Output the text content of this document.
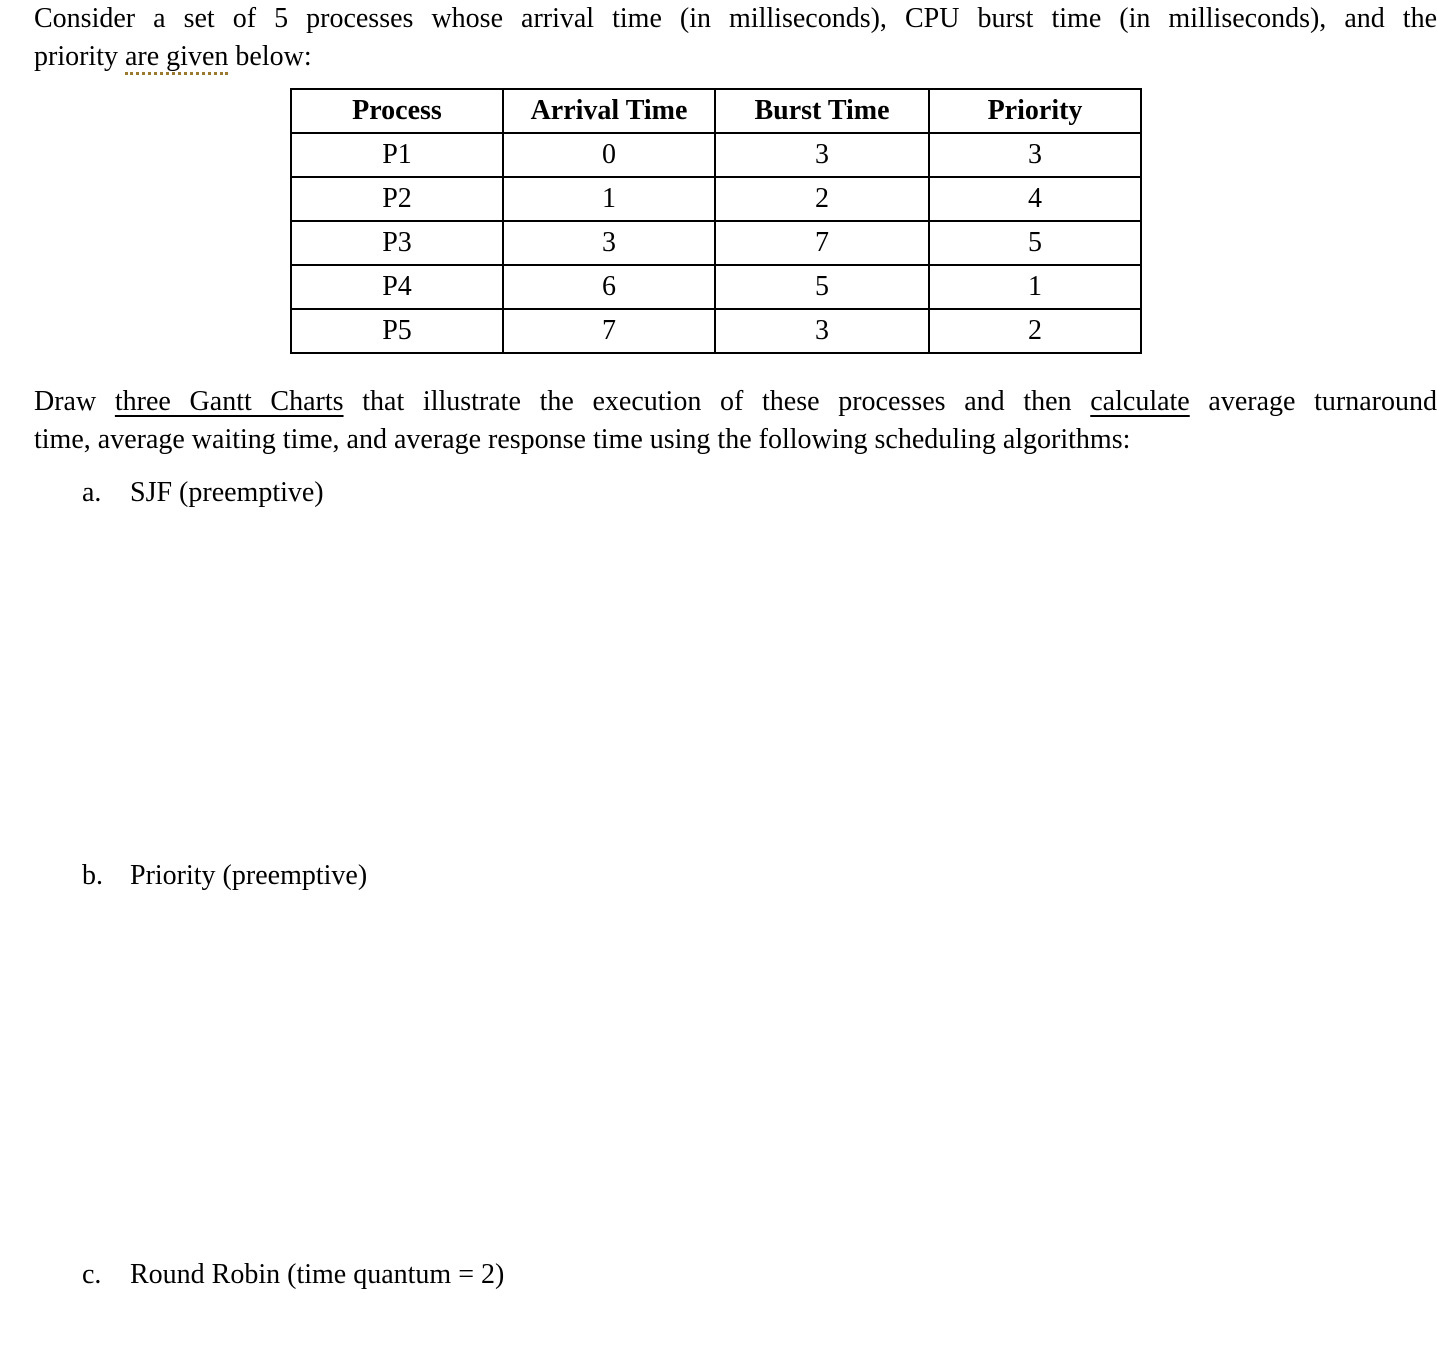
Consider a set of 5 processes whose arrival time (in milliseconds), CPU burst time (in milliseconds), and the
priority are given below:
Process	Arrival Time	Burst Time	Priority
P1	0	3	3
P2	1	2	4
P3	3	7	5
P4	6	5	1
P5	7	3	2
Draw three Gantt Charts that illustrate the execution of these processes and then calculate average turnaround
time, average waiting time, and average response time using the following scheduling algorithms:
a. SJF (preemptive)
b. Priority (preemptive)
c. Round Robin (time quantum = 2)
